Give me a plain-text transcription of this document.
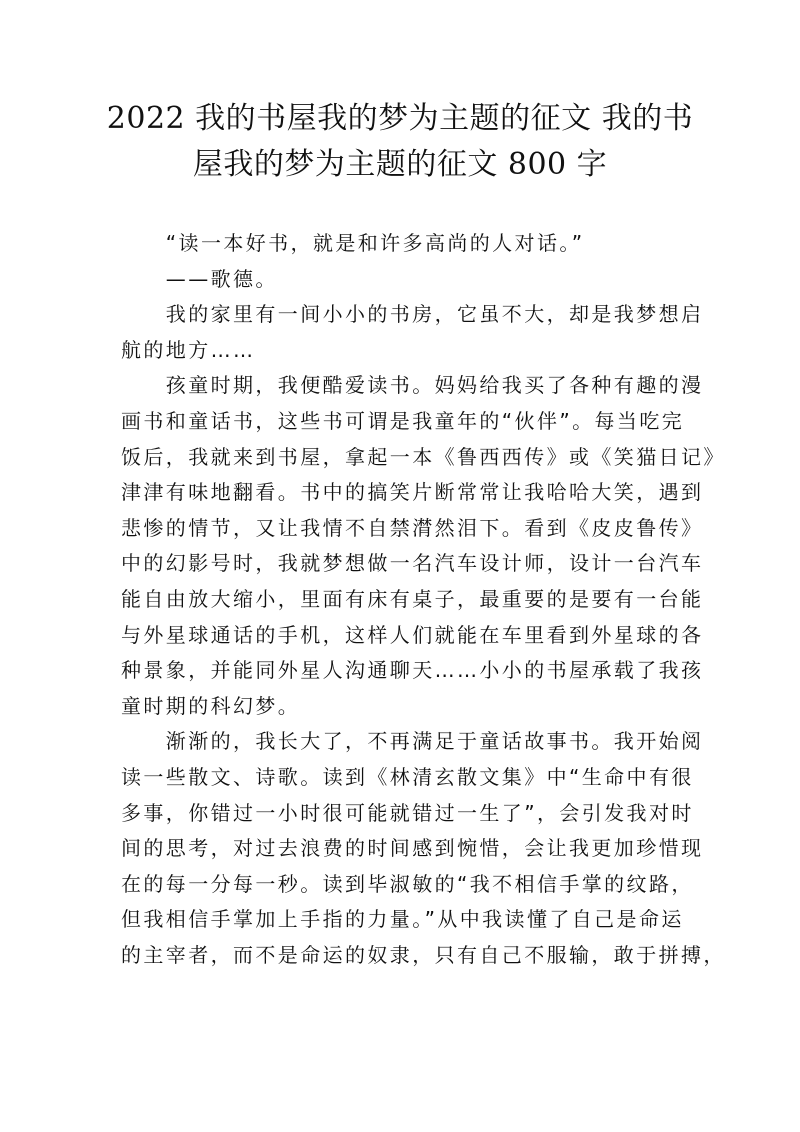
2022 我的书屋我的梦为主题的征文 我的书
屋我的梦为主题的征文 800 字
　　“读一本好书，就是和许多高尚的人对话。”
　　——歌德。
　　我的家里有一间小小的书房，它虽不大，却是我梦想启
航的地方……
　　孩童时期，我便酷爱读书。妈妈给我买了各种有趣的漫
画书和童话书，这些书可谓是我童年的“伙伴”。每当吃完
饭后，我就来到书屋，拿起一本《鲁西西传》或《笑猫日记》
津津有味地翻看。书中的搞笑片断常常让我哈哈大笑，遇到
悲惨的情节，又让我情不自禁潸然泪下。看到《皮皮鲁传》
中的幻影号时，我就梦想做一名汽车设计师，设计一台汽车
能自由放大缩小，里面有床有桌子，最重要的是要有一台能
与外星球通话的手机，这样人们就能在车里看到外星球的各
种景象，并能同外星人沟通聊天……小小的书屋承载了我孩
童时期的科幻梦。
　　渐渐的，我长大了，不再满足于童话故事书。我开始阅
读一些散文、诗歌。读到《林清玄散文集》中“生命中有很
多事，你错过一小时很可能就错过一生了”，会引发我对时
间的思考，对过去浪费的时间感到惋惜，会让我更加珍惜现
在的每一分每一秒。读到毕淑敏的“我不相信手掌的纹路，
但我相信手掌加上手指的力量。”从中我读懂了自己是命运
的主宰者，而不是命运的奴隶，只有自己不服输，敢于拼搏，
